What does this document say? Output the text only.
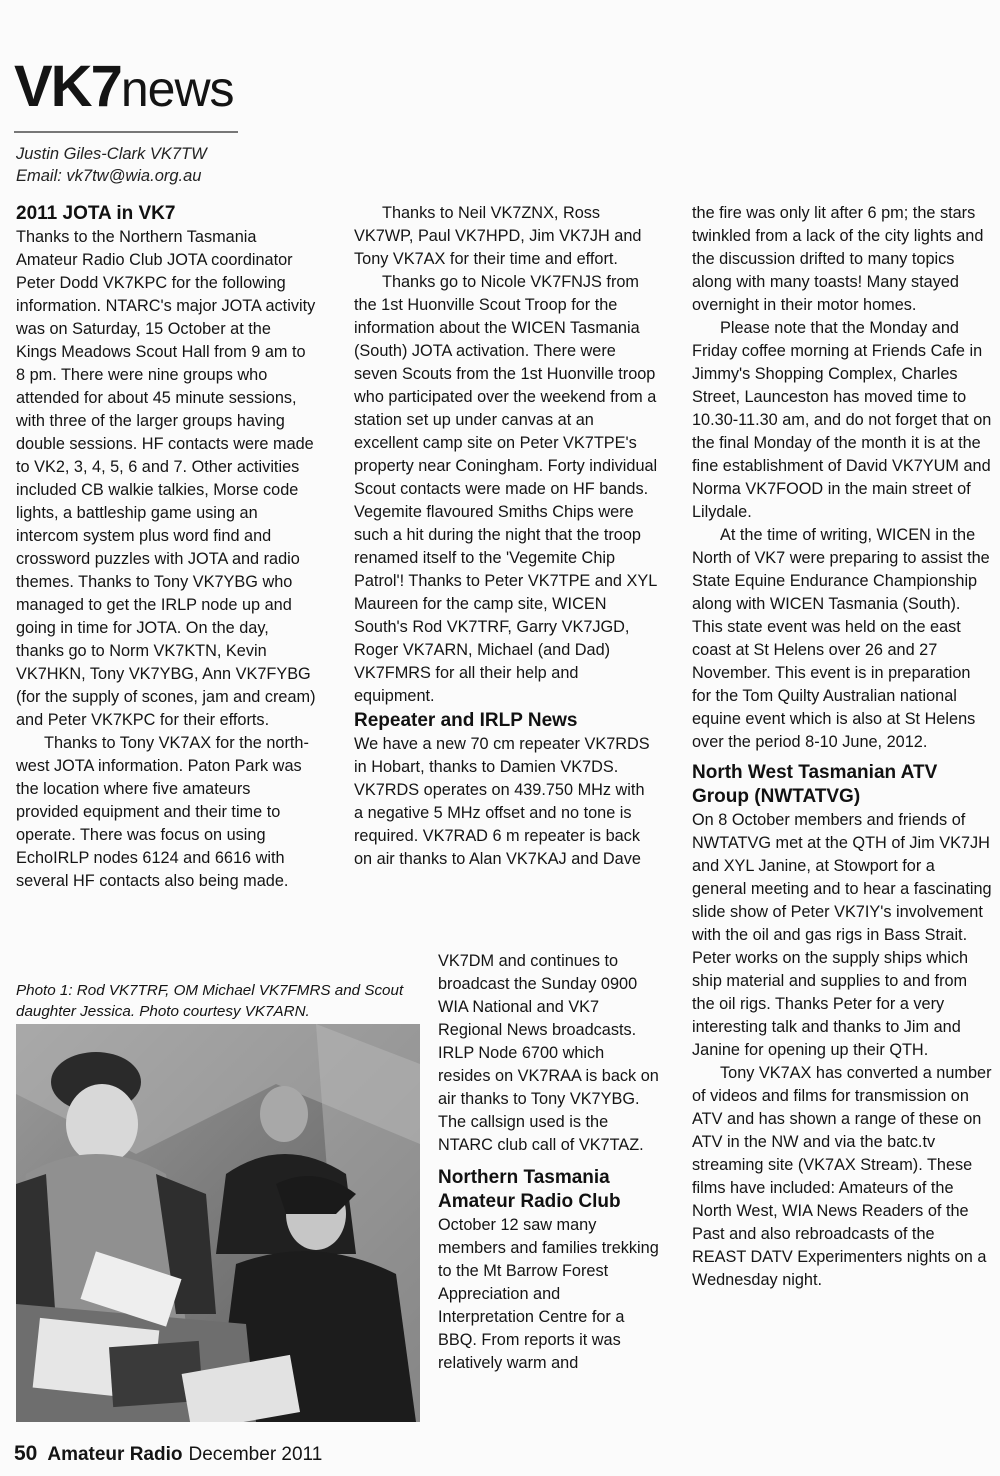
VK7news
Justin Giles-Clark VK7TW
Email: vk7tw@wia.org.au
2011 JOTA in VK7

Thanks to the Northern Tasmania Amateur Radio Club JOTA coordinator Peter Dodd VK7KPC for the following information. NTARC's major JOTA activity was on Saturday, 15 October at the Kings Meadows Scout Hall from 9 am to 8 pm. There were nine groups who attended for about 45 minute sessions, with three of the larger groups having double sessions. HF contacts were made to VK2, 3, 4, 5, 6 and 7. Other activities included CB walkie talkies, Morse code lights, a battleship game using an intercom system plus word find and crossword puzzles with JOTA and radio themes. Thanks to Tony VK7YBG who managed to get the IRLP node up and going in time for JOTA. On the day, thanks go to Norm VK7KTN, Kevin VK7HKN, Tony VK7YBG, Ann VK7FYBG (for the supply of scones, jam and cream) and Peter VK7KPC for their efforts.

Thanks to Tony VK7AX for the north-west JOTA information. Paton Park was the location where five amateurs provided equipment and their time to operate. There was focus on using EchoIRLP nodes 6124 and 6616 with several HF contacts also being made.

Photo 1: Rod VK7TRF, OM Michael VK7FMRS and Scout daughter Jessica. Photo courtesy VK7ARN.

Thanks to Neil VK7ZNX, Ross VK7WP, Paul VK7HPD, Jim VK7JH and Tony VK7AX for their time and effort.

Thanks go to Nicole VK7FNJS from the 1st Huonville Scout Troop for the information about the WICEN Tasmania (South) JOTA activation. There were seven Scouts from the 1st Huonville troop who participated over the weekend from a station set up under canvas at an excellent camp site on Peter VK7TPE's property near Coningham. Forty individual Scout contacts were made on HF bands. Vegemite flavoured Smiths Chips were such a hit during the night that the troop renamed itself to the 'Vegemite Chip Patrol'! Thanks to Peter VK7TPE and XYL Maureen for the camp site, WICEN South's Rod VK7TRF, Garry VK7JGD, Roger VK7ARN, Michael (and Dad) VK7FMRS for all their help and equipment.

Repeater and IRLP News

We have a new 70 cm repeater VK7RDS in Hobart, thanks to Damien VK7DS. VK7RDS operates on 439.750 MHz with a negative 5 MHz offset and no tone is required. VK7RAD 6 m repeater is back on air thanks to Alan VK7KAJ and Dave

VK7DM and continues to broadcast the Sunday 0900 WIA National and VK7 Regional News broadcasts. IRLP Node 6700 which resides on VK7RAA is back on air thanks to Tony VK7YBG. The callsign used is the NTARC club call of VK7TAZ.

Northern Tasmania Amateur Radio Club

October 12 saw many members and families trekking to the Mt Barrow Forest Appreciation and Interpretation Centre for a BBQ. From reports it was relatively warm and

the fire was only lit after 6 pm; the stars twinkled from a lack of the city lights and the discussion drifted to many topics along with many toasts! Many stayed overnight in their motor homes.

Please note that the Monday and Friday coffee morning at Friends Cafe in Jimmy's Shopping Complex, Charles Street, Launceston has moved time to 10.30-11.30 am, and do not forget that on the final Monday of the month it is at the fine establishment of David VK7YUM and Norma VK7FOOD in the main street of Lilydale.

At the time of writing, WICEN in the North of VK7 were preparing to assist the State Equine Endurance Championship along with WICEN Tasmania (South). This state event was held on the east coast at St Helens over 26 and 27 November. This event is in preparation for the Tom Quilty Australian national equine event which is also at St Helens over the period 8-10 June, 2012.

North West Tasmanian ATV Group (NWTATVG)

On 8 October members and friends of NWTATVG met at the QTH of Jim VK7JH and XYL Janine, at Stowport for a general meeting and to hear a fascinating slide show of Peter VK7IY's involvement with the oil and gas rigs in Bass Strait. Peter works on the supply ships which ship material and supplies to and from the oil rigs. Thanks Peter for a very interesting talk and thanks to Jim and Janine for opening up their QTH.

Tony VK7AX has converted a number of videos and films for transmission on ATV and has shown a range of these on ATV in the NW and via the batc.tv streaming site (VK7AX Stream). These films have included: Amateurs of the North West, WIA News Readers of the Past and also rebroadcasts of the REAST DATV Experimenters nights on a Wednesday night.

50 Amateur Radio December 2011
